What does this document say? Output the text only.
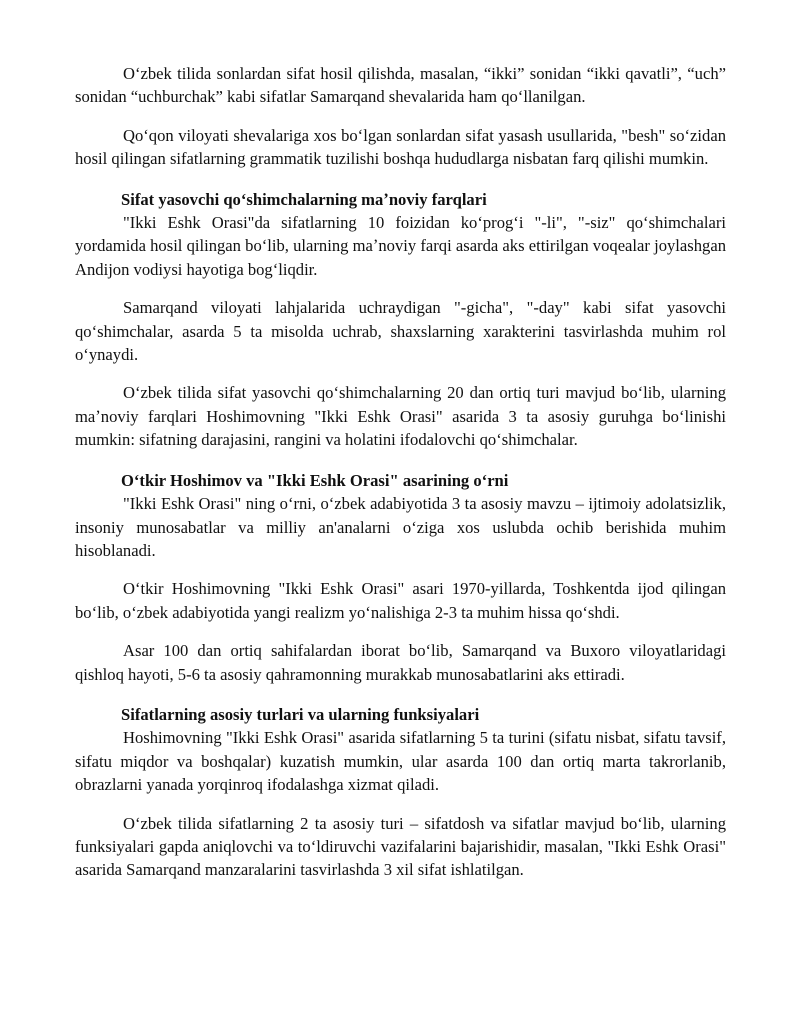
Oʻzbek tilida sonlardan sifat hosil qilishda, masalan, “ikki” sonidan “ikki qavatli”, “uch” sonidan “uchburchak” kabi sifatlar Samarqand shevalarida ham qoʻllanilgan.

Qoʻqon viloyati shevalariga xos boʻlgan sonlardan sifat yasash usullarida, "besh" soʻzidan hosil qilingan sifatlarning grammatik tuzilishi boshqa hududlarga nisbatan farq qilishi mumkin.

Sifat yasovchi qoʻshimchalarning maʼnoviy farqlari

"Ikki Eshk Orasi"da sifatlarning 10 foizidan koʻprogʻi "-li", "-siz" qoʻshimchalari yordamida hosil qilingan boʻlib, ularning maʼnoviy farqi asarda aks ettirilgan voqealar joylashgan Andijon vodiysi hayotiga bogʻliqdir.

Samarqand viloyati lahjalarida uchraydigan "-gicha", "-day" kabi sifat yasovchi qoʻshimchalar, asarda 5 ta misolda uchrab, shaxslarning xarakterini tasvirlashda muhim rol oʻynaydi.

Oʻzbek tilida sifat yasovchi qoʻshimchalarning 20 dan ortiq turi mavjud boʻlib, ularning maʼnoviy farqlari Hoshimovning "Ikki Eshk Orasi" asarida 3 ta asosiy guruhga boʻlinishi mumkin: sifatning darajasini, rangini va holatini ifodalovchi qoʻshimchalar.

Oʻtkir Hoshimov va "Ikki Eshk Orasi" asarining oʻrni

"Ikki Eshk Orasi" ning oʻrni, oʻzbek adabiyotida 3 ta asosiy mavzu – ijtimoiy adolatsizlik, insoniy munosabatlar va milliy an'analarni oʻziga xos uslubda ochib berishida muhim hisoblanadi.

Oʻtkir Hoshimovning "Ikki Eshk Orasi" asari 1970-yillarda, Toshkentda ijod qilingan boʻlib, oʻzbek adabiyotida yangi realizm yoʻnalishiga 2-3 ta muhim hissa qoʻshdi.

Asar 100 dan ortiq sahifalardan iborat boʻlib, Samarqand va Buxoro viloyatlaridagi qishloq hayoti, 5-6 ta asosiy qahramonning murakkab munosabatlarini aks ettiradi.

Sifatlarning asosiy turlari va ularning funksiyalari

Hoshimovning "Ikki Eshk Orasi" asarida sifatlarning 5 ta turini (sifatu nisbat, sifatu tavsif, sifatu miqdor va boshqalar) kuzatish mumkin, ular asarda 100 dan ortiq marta takrorlanib, obrazlarni yanada yorqinroq ifodalashga xizmat qiladi.

Oʻzbek tilida sifatlarning 2 ta asosiy turi – sifatdosh va sifatlar mavjud boʻlib, ularning funksiyalari gapda aniqlovchi va toʻldiruvchi vazifalarini bajarishidir, masalan, "Ikki Eshk Orasi" asarida Samarqand manzaralarini tasvirlashda 3 xil sifat ishlatilgan.
